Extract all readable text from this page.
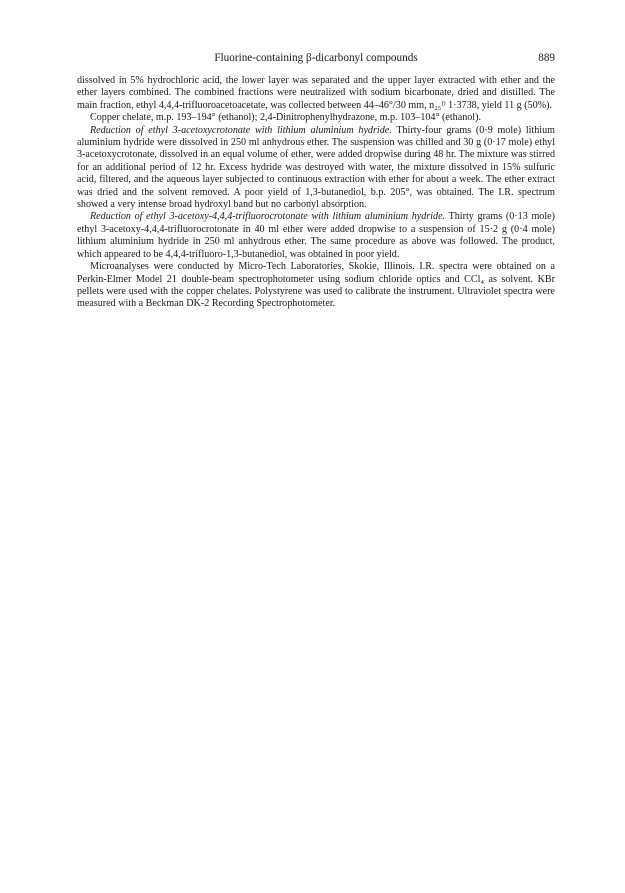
Fluorine-containing β-dicarbonyl compounds	889

dissolved in 5% hydrochloric acid, the lower layer was separated and the upper layer extracted with ether and the ether layers combined. The combined fractions were neutralized with sodium bicarbonate, dried and distilled. The main fraction, ethyl 4,4,4-trifluoroacetoacetate, was collected between 44–46°/30 mm, n₂₅ᴰ 1·3738, yield 11 g (50%).

Copper chelate, m.p. 193–194° (ethanol); 2,4-Dinitrophenylhydrazone, m.p. 103–104° (ethanol).

Reduction of ethyl 3-acetoxycrotonate with lithium aluminium hydride. Thirty-four grams (0·9 mole) lithium aluminium hydride were dissolved in 250 ml anhydrous ether. The suspension was chilled and 30 g (0·17 mole) ethyl 3-acetoxycrotonate, dissolved in an equal volume of ether, were added dropwise during 48 hr. The mixture was stirred for an additional period of 12 hr. Excess hydride was destroyed with water, the mixture dissolved in 15% sulfuric acid, filtered, and the aqueous layer subjected to continuous extraction with ether for about a week. The ether extract was dried and the solvent removed. A poor yield of 1,3-butanediol, b.p. 205°, was obtained. The I.R. spectrum showed a very intense broad hydroxyl band but no carbonyl absorption.

Reduction of ethyl 3-acetoxy-4,4,4-trifluorocrotonate with lithium aluminium hydride. Thirty grams (0·13 mole) ethyl 3-acetoxy-4,4,4-trifluorocrotonate in 40 ml ether were added dropwise to a suspension of 15·2 g (0·4 mole) lithium aluminium hydride in 250 ml anhydrous ether. The same procedure as above was followed. The product, which appeared to be 4,4,4-trifluoro-1,3-butanediol, was obtained in poor yield.

Microanalyses were conducted by Micro-Tech Laboratories, Skokie, Illinois. I.R. spectra were obtained on a Perkin-Elmer Model 21 double-beam spectrophotometer using sodium chloride optics and CCl₄ as solvent. KBr pellets were used with the copper chelates. Polystyrene was used to calibrate the instrument. Ultraviolet spectra were measured with a Beckman DK-2 Recording Spectrophotometer.
